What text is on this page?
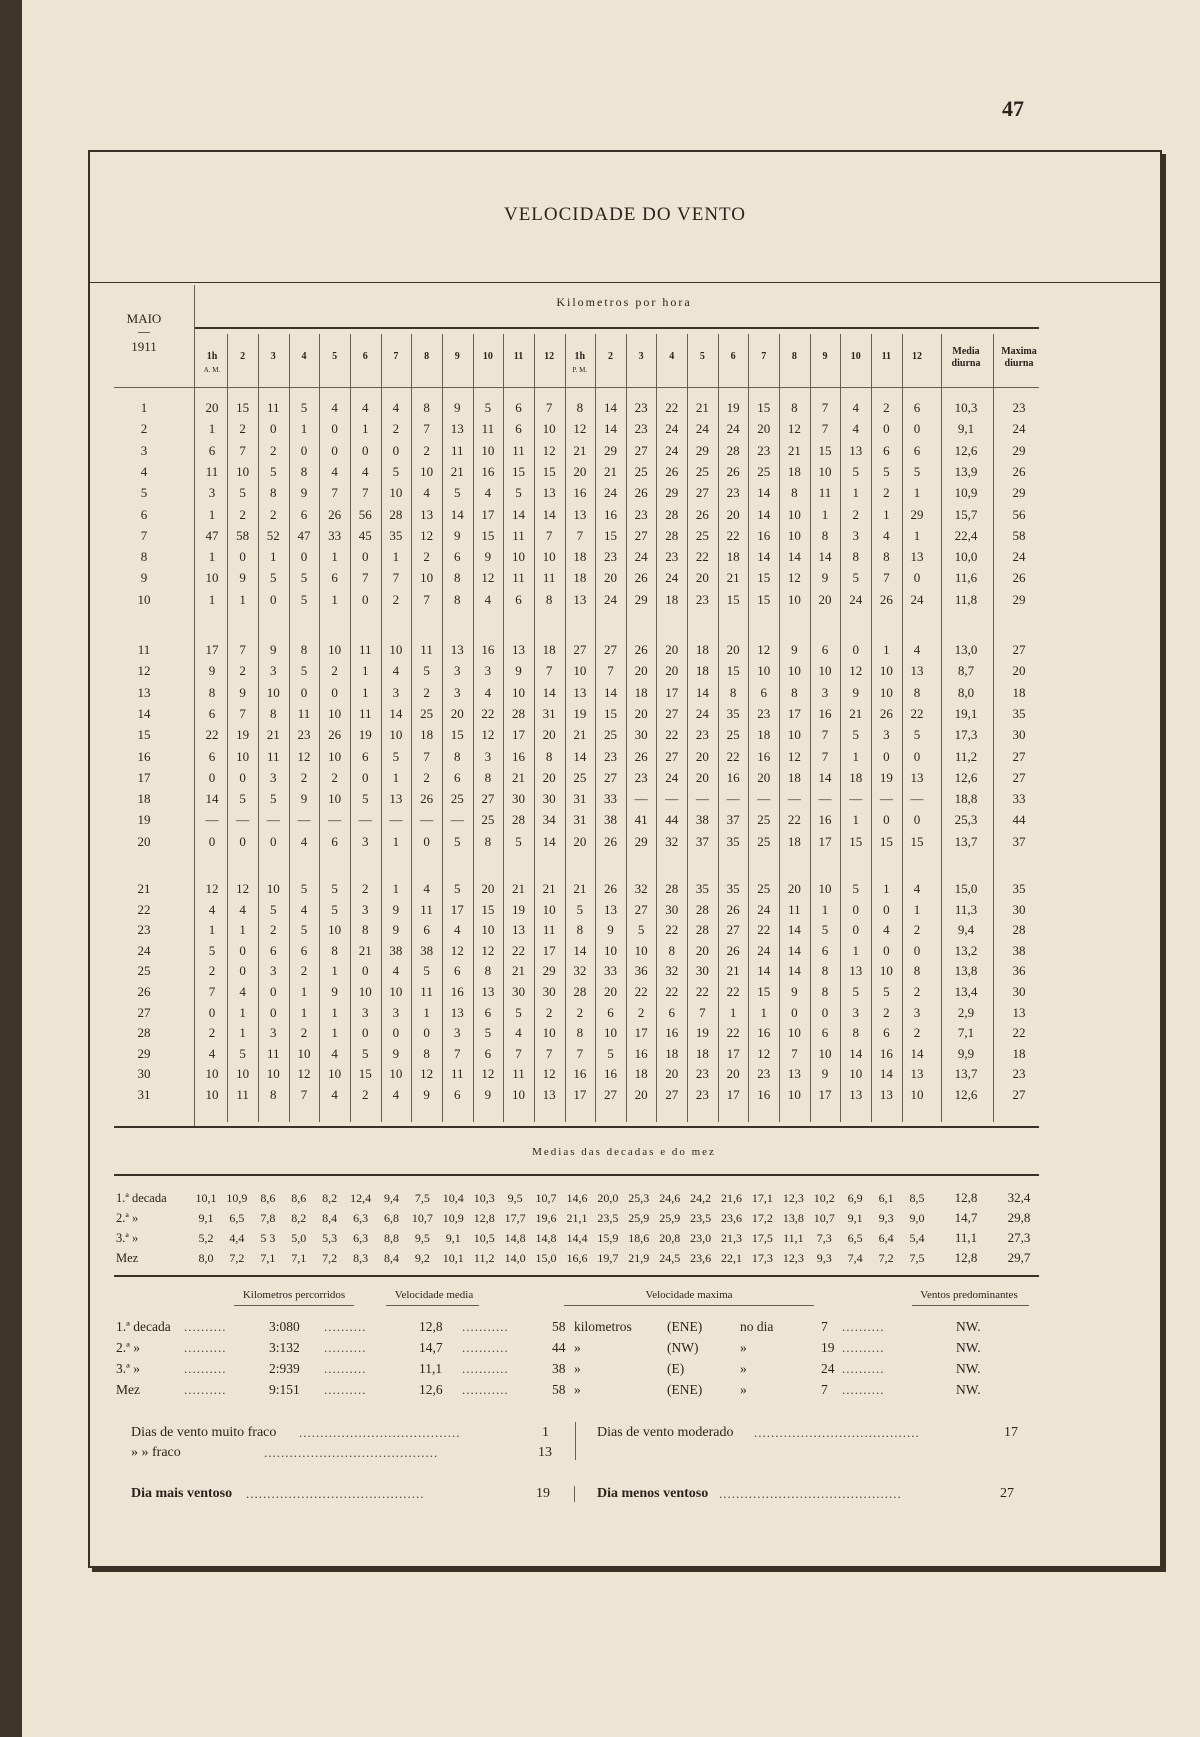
47
VELOCIDADE DO VENTO
MAIO
1911
Kilometros por hora
1h	2	3	4	5	6	7	8	9	10	11	12	1h	2	3	4	5	6	7	8	9	10	11	12
A. M.	P. M.
Media diurna
Maxima diurna
1	20	15	11	5	4	4	4	8	9	5	6	7	8	14	23	22	21	19	15	8	7	4	2	6	10,3	23
2	1	2	0	1	0	1	2	7	13	11	6	10	12	14	23	24	24	24	20	12	7	4	0	0	9,1	24
3	6	7	2	0	0	0	0	2	11	10	11	12	21	29	27	24	29	28	23	21	15	13	6	6	12,6	29
4	11	10	5	8	4	4	5	10	21	16	15	15	20	21	25	26	25	26	25	18	10	5	5	5	13,9	26
5	3	5	8	9	7	7	10	4	5	4	5	13	16	24	26	29	27	23	14	8	11	1	2	1	10,9	29
6	1	2	2	6	26	56	28	13	14	17	14	14	13	16	23	28	26	20	14	10	1	2	1	29	15,7	56
7	47	58	52	47	33	45	35	12	9	15	11	7	7	15	27	28	25	22	16	10	8	3	4	1	22,4	58
8	1	0	1	0	1	0	1	2	6	9	10	10	18	23	24	23	22	18	14	14	14	8	8	13	10,0	24
9	10	9	5	5	6	7	7	10	8	12	11	11	18	20	26	24	20	21	15	12	9	5	7	0	11,6	26
10	1	1	0	5	1	0	2	7	8	4	6	8	13	24	29	18	23	15	15	10	20	24	26	24	11,8	29
11	17	7	9	8	10	11	10	11	13	16	13	18	27	27	26	20	18	20	12	9	6	0	1	4	13,0	27
12	9	2	3	5	2	1	4	5	3	3	9	7	10	7	20	20	18	15	10	10	10	12	10	13	8,7	20
13	8	9	10	0	0	1	3	2	3	4	10	14	13	14	18	17	14	8	6	8	3	9	10	8	8,0	18
14	6	7	8	11	10	11	14	25	20	22	28	31	19	15	20	27	24	35	23	17	16	21	26	22	19,1	35
15	22	19	21	23	26	19	10	18	15	12	17	20	21	25	30	22	23	25	18	10	7	5	3	5	17,3	30
16	6	10	11	12	10	6	5	7	8	3	16	8	14	23	26	27	20	22	16	12	7	1	0	0	11,2	27
17	0	0	3	2	2	0	1	2	6	8	21	20	25	27	23	24	20	16	20	18	14	18	19	13	12,6	27
18	14	5	5	9	10	5	13	26	25	27	30	30	31	33	—	—	—	—	—	—	—	—	—	—	18,8	33
19	—	—	—	—	—	—	—	—	—	25	28	34	31	38	41	44	38	37	25	22	16	1	0	0	25,3	44
20	0	0	0	4	6	3	1	0	5	8	5	14	20	26	29	32	37	35	25	18	17	15	15	15	13,7	37
21	12	12	10	5	5	2	1	4	5	20	21	21	21	26	32	28	35	35	25	20	10	5	1	4	15,0	35
22	4	4	5	4	5	3	9	11	17	15	19	10	5	13	27	30	28	26	24	11	1	0	0	1	11,3	30
23	1	1	2	5	10	8	9	6	4	10	13	11	8	9	5	22	28	27	22	14	5	0	4	2	9,4	28
24	5	0	6	6	8	21	38	38	12	12	22	17	14	10	10	8	20	26	24	14	6	1	0	0	13,2	38
25	2	0	3	2	1	0	4	5	6	8	21	29	32	33	36	32	30	21	14	14	8	13	10	8	13,8	36
26	7	4	0	1	9	10	10	11	16	13	30	30	28	20	22	22	22	22	15	9	8	5	5	2	13,4	30
27	0	1	0	1	1	3	3	1	13	6	5	2	2	6	2	6	7	1	1	0	0	3	2	3	2,9	13
28	2	1	3	2	1	0	0	0	3	5	4	10	8	10	17	16	19	22	16	10	6	8	6	2	7,1	22
29	4	5	11	10	4	5	9	8	7	6	7	7	7	5	16	18	18	17	12	7	10	14	16	14	9,9	18
30	10	10	10	12	10	15	10	12	11	12	11	12	16	16	18	20	23	20	23	13	9	10	14	13	13,7	23
31	10	11	8	7	4	2	4	9	6	9	10	13	17	27	20	27	23	17	16	10	17	13	13	10	12,6	27
Medias das decadas e do mez
1.ª decada	10,1 10,9	8,6	8,6	8,2	12,4	9,4	7,5	10,4 10,3	9,5	10,7 14,6 20,0 25,3 24,6 24,2 21,6 17,1 12,3 10,2	6,9	6,1	8,5	12,8	32,4
2.ª »	9,1	6,5	7,8	8,2	8,4	6,3	6,8	10,7 10,9 12,8 17,7 19,6 21,1 23,5 25,9 25,9 23,5 23,6 17,2 13,8 10,7	9,1	9,3	9,0	14,7	29,8
3.ª »	5,2	4,4	5 3	5,0	5,3	6,3	8,8	9,5	9,1	10,5 14,8 14,8 14,4 15,9 18,6 20,8 23,0 21,3 17,5 11,1	7,3	6,5	6,4	5,4	11,1	27,3
Mez	8,0	7,2	7,1	7,1	7,2	8,3	8,4	9,2	10,1 11,2 14,0 15,0 16,6 19,7 21,9 24,5 23,6 22,1 17,3 12,3	9,3	7,4	7,2	7,5	12,8	29,7
Kilometros percorridos	Velocidade media	Velocidade maxima	Ventos predominantes
1.ª decada ..........	3:080 ..........	12,8 ...........	58 kilometros	(ENE)	no dia	7 ..........	NW.
2.ª »	..........	3:132 ..........	14,7 ...........	44 »	(NW)	»	19 ..........	NW.
3.ª »	..........	2:939 ..........	11,1 ...........	38 »	(E)	»	24 ..........	NW.
Mez	..........	9:151 ..........	12,6 ...........	58 »	(ENE)	»	7 ..........	NW.
Dias de vento muito fraco ......................................	1
» » fraco	.........................................	13
Dias de vento moderado .......................................	17
Dia mais ventoso ..........................................	19	Dia menos ventoso ...........................................	27
